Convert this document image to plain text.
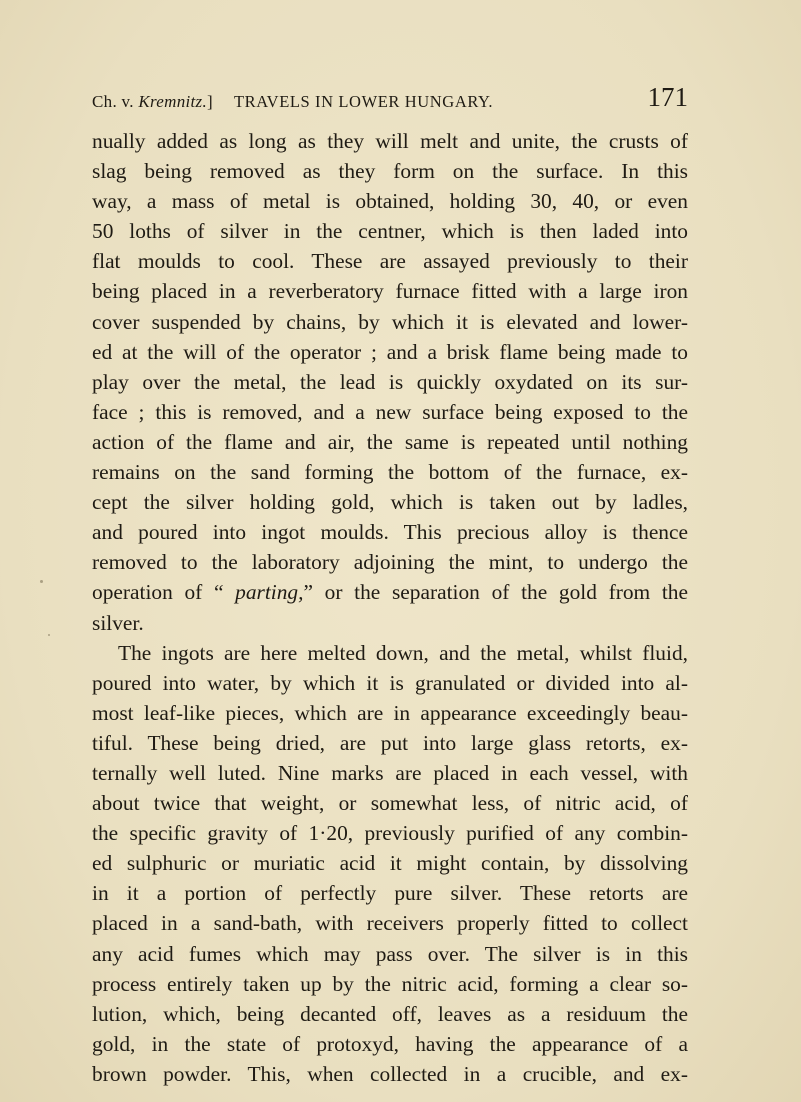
Ch. v. Kremnitz.] TRAVELS IN LOWER HUNGARY.	171
nually added as long as they will melt and unite, the crusts of
slag being removed as they form on the surface. In this
way, a mass of metal is obtained, holding 30, 40, or even
50 loths of silver in the centner, which is then laded into
flat moulds to cool. These are assayed previously to their
being placed in a reverberatory furnace fitted with a large iron
cover suspended by chains, by which it is elevated and lower-
ed at the will of the operator ; and a brisk flame being made to
play over the metal, the lead is quickly oxydated on its sur-
face ; this is removed, and a new surface being exposed to the
action of the flame and air, the same is repeated until nothing
remains on the sand forming the bottom of the furnace, ex-
cept the silver holding gold, which is taken out by ladles,
and poured into ingot moulds. This precious alloy is thence
removed to the laboratory adjoining the mint, to undergo the
operation of “ parting,” or the separation of the gold from the
silver.
The ingots are here melted down, and the metal, whilst fluid,
poured into water, by which it is granulated or divided into al-
most leaf-like pieces, which are in appearance exceedingly beau-
tiful. These being dried, are put into large glass retorts, ex-
ternally well luted. Nine marks are placed in each vessel, with
about twice that weight, or somewhat less, of nitric acid, of
the specific gravity of 1·20, previously purified of any combin-
ed sulphuric or muriatic acid it might contain, by dissolving
in it a portion of perfectly pure silver. These retorts are
placed in a sand-bath, with receivers properly fitted to collect
any acid fumes which may pass over. The silver is in this
process entirely taken up by the nitric acid, forming a clear so-
lution, which, being decanted off, leaves as a residuum the
gold, in the state of protoxyd, having the appearance of a
brown powder. This, when collected in a crucible, and ex-
